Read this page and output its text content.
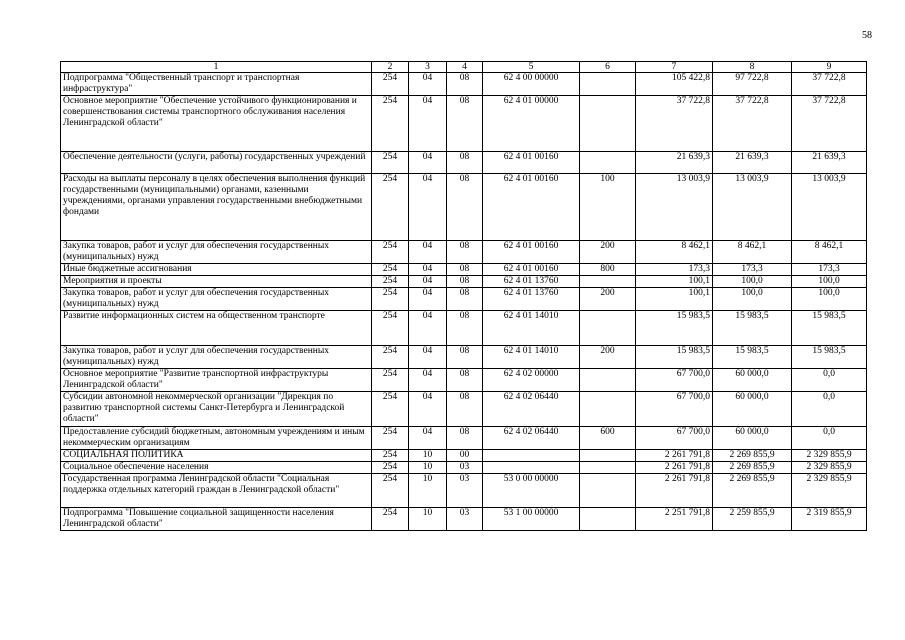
58
1	2	3	4	5	6	7	8	9
Подпрограмма "Общественный транспорт и транспортная инфраструктура"	254	04	08	62 4 00 00000		105 422,8	97 722,8	37 722,8
Основное мероприятие "Обеспечение устойчивого функционирования и совершенствования системы транспортного обслуживания населения Ленинградской области"	254	04	08	62 4 01 00000		37 722,8	37 722,8	37 722,8
Обеспечение деятельности (услуги, работы) государственных учреждений	254	04	08	62 4 01 00160		21 639,3	21 639,3	21 639,3
Расходы на выплаты персоналу в целях обеспечения выполнения функций государственными (муниципальными) органами, казенными учреждениями, органами управления государственными внебюджетными фондами	254	04	08	62 4 01 00160	100	13 003,9	13 003,9	13 003,9
Закупка товаров, работ и услуг для обеспечения государственных (муниципальных) нужд	254	04	08	62 4 01 00160	200	8 462,1	8 462,1	8 462,1
Иные бюджетные ассигнования	254	04	08	62 4 01 00160	800	173,3	173,3	173,3
Мероприятия и проекты	254	04	08	62 4 01 13760		100,1	100,0	100,0
Закупка товаров, работ и услуг для обеспечения государственных (муниципальных) нужд	254	04	08	62 4 01 13760	200	100,1	100,0	100,0
Развитие информационных систем на общественном транспорте	254	04	08	62 4 01 14010		15 983,5	15 983,5	15 983,5
Закупка товаров, работ и услуг для обеспечения государственных (муниципальных) нужд	254	04	08	62 4 01 14010	200	15 983,5	15 983,5	15 983,5
Основное мероприятие "Развитие транспортной инфраструктуры Ленинградской области"	254	04	08	62 4 02 00000		67 700,0	60 000,0	0,0
Субсидии автономной некоммерческой организации "Дирекция по развитию транспортной системы Санкт-Петербурга и Ленинградской области"	254	04	08	62 4 02 06440		67 700,0	60 000,0	0,0
Предоставление субсидий бюджетным, автономным учреждениям и иным некоммерческим организациям	254	04	08	62 4 02 06440	600	67 700,0	60 000,0	0,0
СОЦИАЛЬНАЯ ПОЛИТИКА	254	10	00			2 261 791,8	2 269 855,9	2 329 855,9
Социальное обеспечение населения	254	10	03			2 261 791,8	2 269 855,9	2 329 855,9
Государственная программа Ленинградской области "Социальная поддержка отдельных категорий граждан в Ленинградской области"	254	10	03	53 0 00 00000		2 261 791,8	2 269 855,9	2 329 855,9
Подпрограмма "Повышение социальной защищенности населения Ленинградской области"	254	10	03	53 1 00 00000		2 251 791,8	2 259 855,9	2 319 855,9
